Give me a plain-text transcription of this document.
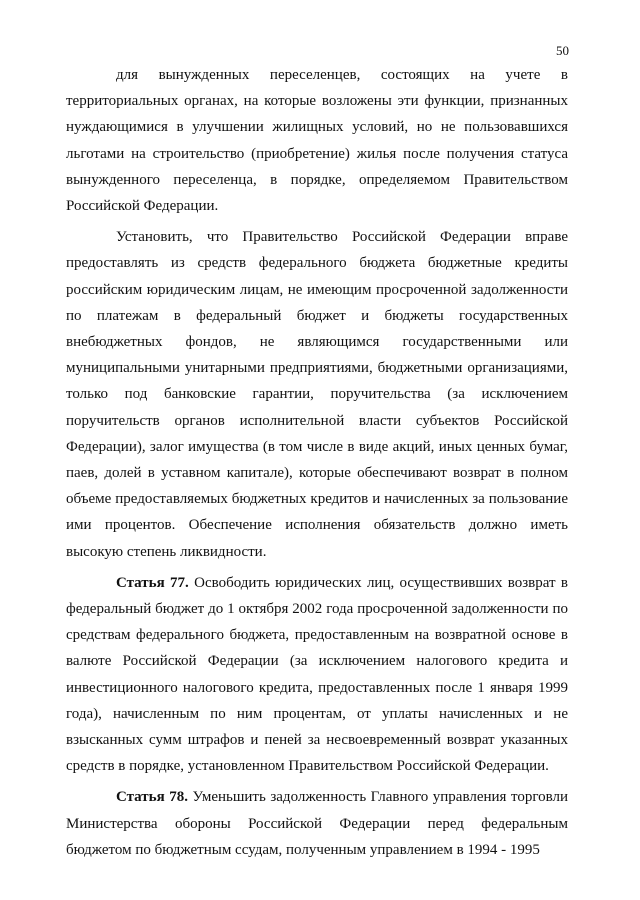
50

для вынужденных переселенцев, состоящих на учете в территориальных органах, на которые возложены эти функции, признанных нуждающимися в улучшении жилищных условий, но не пользовавшихся льготами на строительство (приобретение) жилья после получения статуса вынужденного переселенца, в порядке, определяемом Правительством Российской Федерации.

Установить, что Правительство Российской Федерации вправе предоставлять из средств федерального бюджета бюджетные кредиты российским юридическим лицам, не имеющим просроченной задолженности по платежам в федеральный бюджет и бюджеты государственных внебюджетных фондов, не являющимся государственными или муниципальными унитарными предприятиями, бюджетными организациями, только под банковские гарантии, поручительства (за исключением поручительств органов исполнительной власти субъектов Российской Федерации), залог имущества (в том числе в виде акций, иных ценных бумаг, паев, долей в уставном капитале), которые обеспечивают возврат в полном объеме предоставляемых бюджетных кредитов и начисленных за пользование ими процентов. Обеспечение исполнения обязательств должно иметь высокую степень ликвидности.

Статья 77. Освободить юридических лиц, осуществивших возврат в федеральный бюджет до 1 октября 2002 года просроченной задолженности по средствам федерального бюджета, предоставленным на возвратной основе в валюте Российской Федерации (за исключением налогового кредита и инвестиционного налогового кредита, предоставленных после 1 января 1999 года), начисленным по ним процентам, от уплаты начисленных и не взысканных сумм штрафов и пеней за несвоевременный возврат указанных средств в порядке, установленном Правительством Российской Федерации.

Статья 78. Уменьшить задолженность Главного управления торговли Министерства обороны Российской Федерации перед федеральным бюджетом по бюджетным ссудам, полученным управлением в 1994 - 1995
